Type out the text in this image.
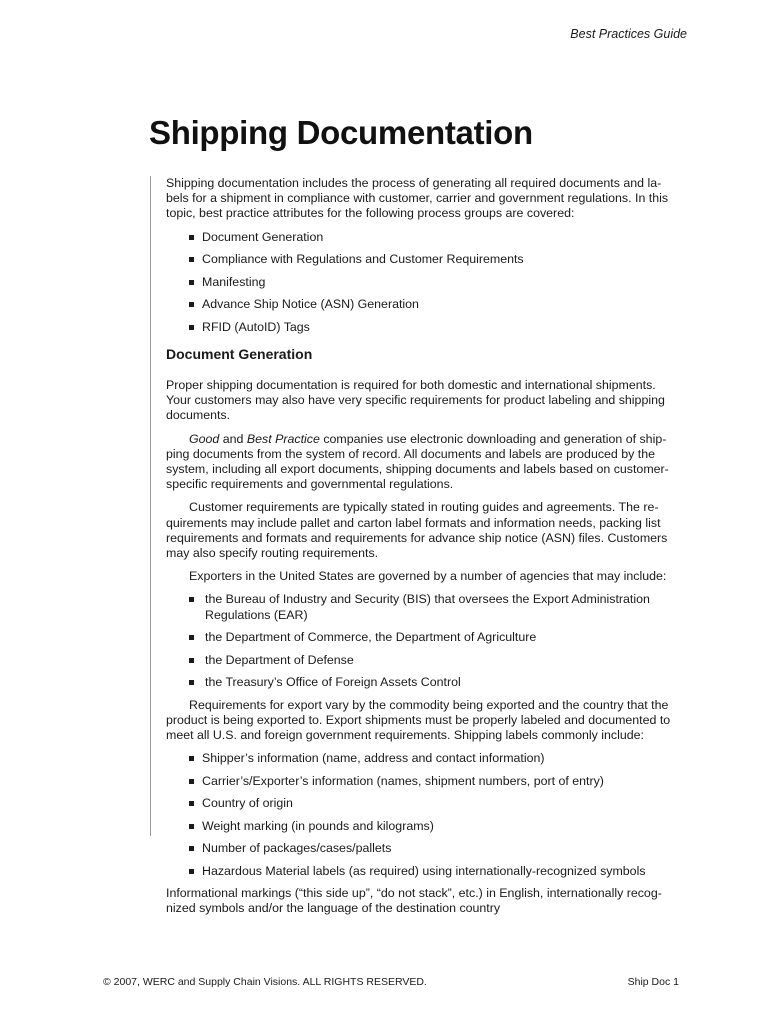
Best Practices Guide
Shipping Documentation

Shipping documentation includes the process of generating all required documents and la-bels for a shipment in compliance with customer, carrier and government regulations. In this topic, best practice attributes for the following process groups are covered:

Document Generation
Compliance with Regulations and Customer Requirements
Manifesting
Advance Ship Notice (ASN) Generation
RFID (AutoID) Tags
Document Generation

Proper shipping documentation is required for both domestic and international shipments. Your customers may also have very specific requirements for product labeling and shipping documents.

Good and Best Practice companies use electronic downloading and generation of ship-ping documents from the system of record. All documents and labels are produced by the system, including all export documents, shipping documents and labels based on customer-specific requirements and governmental regulations.

Customer requirements are typically stated in routing guides and agreements. The re-quirements may include pallet and carton label formats and information needs, packing list requirements and formats and requirements for advance ship notice (ASN) files. Customers may also specify routing requirements.

Exporters in the United States are governed by a number of agencies that may include:

the Bureau of Industry and Security (BIS) that oversees the Export Administration Regulations (EAR)
the Department of Commerce, the Department of Agriculture
the Department of Defense
the Treasury’s Office of Foreign Assets Control

Requirements for export vary by the commodity being exported and the country that the product is being exported to. Export shipments must be properly labeled and documented to meet all U.S. and foreign government requirements. Shipping labels commonly include:

Shipper’s information (name, address and contact information)
Carrier’s/Exporter’s information (names, shipment numbers, port of entry)
Country of origin
Weight marking (in pounds and kilograms)
Number of packages/cases/pallets
Hazardous Material labels (as required) using internationally-recognized symbols

Informational markings (“this side up”, “do not stack”, etc.) in English, internationally recog-nized symbols and/or the language of the destination country

© 2007, WERC and Supply Chain Visions. ALL RIGHTS RESERVED.	Ship Doc 1
